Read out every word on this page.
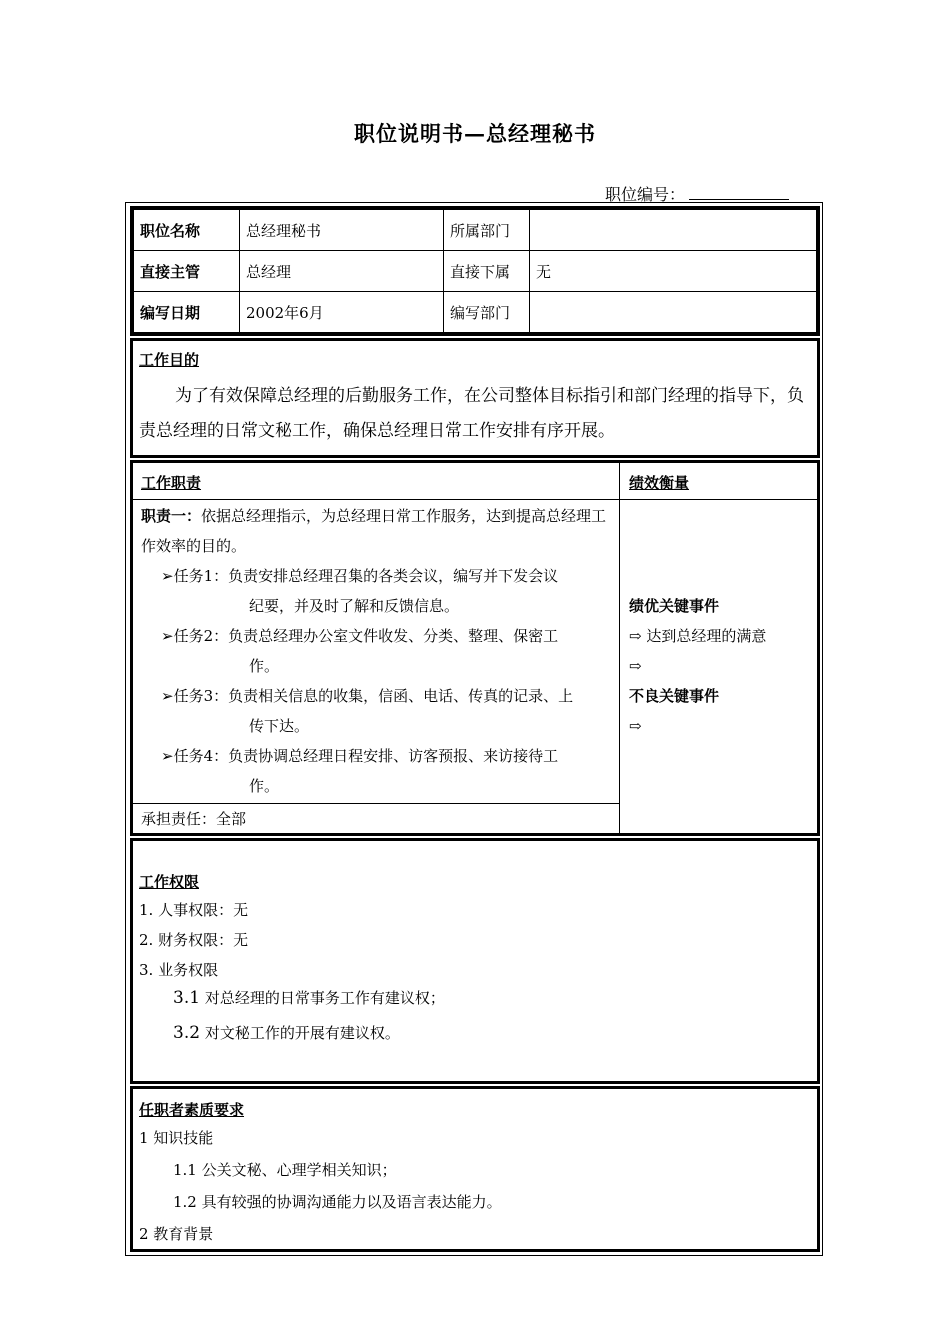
职位说明书—总经理秘书
职位编号：
职位名称	总经理秘书	所属部门	
直接主管	总经理	直接下属	无
编写日期	2002年6月	编写部门	
工作目的
为了有效保障总经理的后勤服务工作，在公司整体目标指引和部门经理的指导下，负责总经理的日常文秘工作，确保总经理日常工作安排有序开展。
工作职责	绩效衡量
职责一：依据总经理指示，为总经理日常工作服务，达到提高总经理工作效率的目的。
➢任务1：负责安排总经理召集的各类会议，编写并下发会议
纪要，并及时了解和反馈信息。
➢任务2：负责总经理办公室文件收发、分类、整理、保密工
作。
➢任务3：负责相关信息的收集，信函、电话、传真的记录、上
传下达。
➢任务4：负责协调总经理日程安排、访客预报、来访接待工
作。
承担责任：全部
绩优关键事件
⇨ 达到总经理的满意
⇨
不良关键事件
⇨
工作权限
1. 人事权限：无
2. 财务权限：无
3. 业务权限
3.1 对总经理的日常事务工作有建议权；
3.2 对文秘工作的开展有建议权。
任职者素质要求
1 知识技能
1.1 公关文秘、心理学相关知识；
1.2 具有较强的协调沟通能力以及语言表达能力。
2 教育背景
